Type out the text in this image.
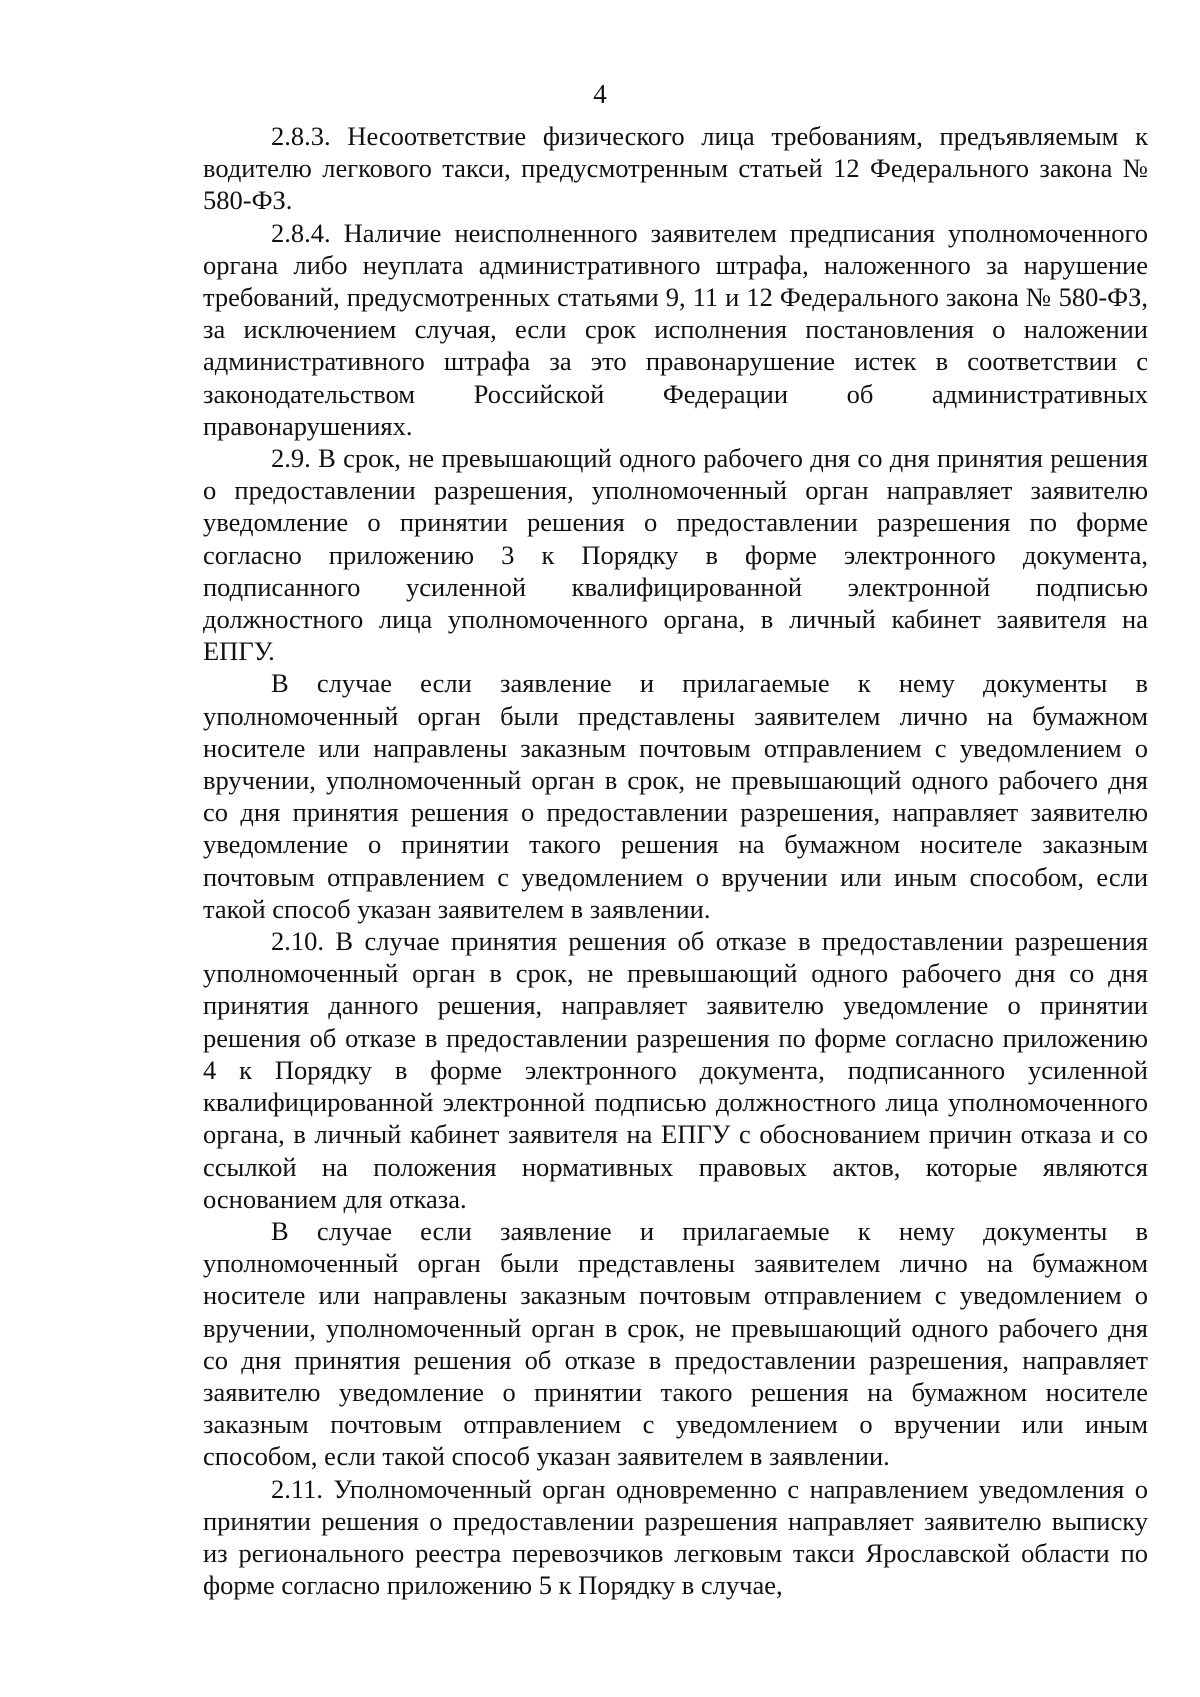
4

2.8.3. Несоответствие физического лица требованиям, предъявляемым к водителю легкового такси, предусмотренным статьей 12 Федерального закона № 580-ФЗ.

2.8.4. Наличие неисполненного заявителем предписания уполномоченного органа либо неуплата административного штрафа, наложенного за нарушение требований, предусмотренных статьями 9, 11 и 12 Федерального закона № 580-ФЗ, за исключением случая, если срок исполнения постановления о наложении административного штрафа за это правонарушение истек в соответствии с законодательством Российской Федерации об административных правонарушениях.

2.9. В срок, не превышающий одного рабочего дня со дня принятия решения о предоставлении разрешения, уполномоченный орган направляет заявителю уведомление о принятии решения о предоставлении разрешения по форме согласно приложению 3 к Порядку в форме электронного документа, подписанного усиленной квалифицированной электронной подписью должностного лица уполномоченного органа, в личный кабинет заявителя на ЕПГУ.

В случае если заявление и прилагаемые к нему документы в уполномоченный орган были представлены заявителем лично на бумажном носителе или направлены заказным почтовым отправлением с уведомлением о вручении, уполномоченный орган в срок, не превышающий одного рабочего дня со дня принятия решения о предоставлении разрешения, направляет заявителю уведомление о принятии такого решения на бумажном носителе заказным почтовым отправлением с уведомлением о вручении или иным способом, если такой способ указан заявителем в заявлении.

2.10. В случае принятия решения об отказе в предоставлении разрешения уполномоченный орган в срок, не превышающий одного рабочего дня со дня принятия данного решения, направляет заявителю уведомление о принятии решения об отказе в предоставлении разрешения по форме согласно приложению 4 к Порядку в форме электронного документа, подписанного усиленной квалифицированной электронной подписью должностного лица уполномоченного органа, в личный кабинет заявителя на ЕПГУ с обоснованием причин отказа и со ссылкой на положения нормативных правовых актов, которые являются основанием для отказа.

В случае если заявление и прилагаемые к нему документы в уполномоченный орган были представлены заявителем лично на бумажном носителе или направлены заказным почтовым отправлением с уведомлением о вручении, уполномоченный орган в срок, не превышающий одного рабочего дня со дня принятия решения об отказе в предоставлении разрешения, направляет заявителю уведомление о принятии такого решения на бумажном носителе заказным почтовым отправлением с уведомлением о вручении или иным способом, если такой способ указан заявителем в заявлении.

2.11. Уполномоченный орган одновременно с направлением уведомления о принятии решения о предоставлении разрешения направляет заявителю выписку из регионального реестра перевозчиков легковым такси Ярославской области по форме согласно приложению 5 к Порядку в случае,
